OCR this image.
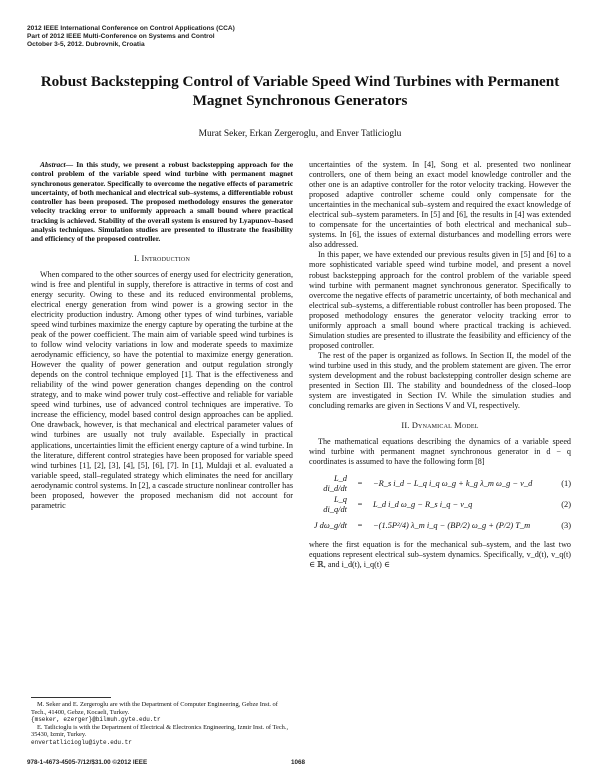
2012 IEEE International Conference on Control Applications (CCA)
Part of 2012 IEEE Multi-Conference on Systems and Control
October 3-5, 2012. Dubrovnik, Croatia
Robust Backstepping Control of Variable Speed Wind Turbines with Permanent Magnet Synchronous Generators
Murat Seker, Erkan Zergeroglu, and Enver Tatlicioglu

Abstract— In this study, we present a robust backstepping approach for the control problem of the variable speed wind turbine with permanent magnet synchronous generator. Specifically to overcome the negative effects of parametric uncertainty, of both mechanical and electrical sub–systems, a differentiable robust controller has been proposed. The proposed methodology ensures the generator velocity tracking error to uniformly approach a small bound where practical tracking is achieved. Stability of the overall system is ensured by Lyapunov–based analysis techniques. Simulation studies are presented to illustrate the feasibility and efficiency of the proposed controller.

I. Introduction

When compared to the other sources of energy used for electricity generation, wind is free and plentiful in supply, therefore is attractive in terms of cost and energy security. Owing to these and its reduced environmental problems, electrical energy generation from wind power is a growing sector in the electricity production industry. Among other types of wind turbines, variable speed wind turbines maximize the energy capture by operating the turbine at the peak of the power coefficient. The main aim of variable speed wind turbines is to follow wind velocity variations in low and moderate speeds to maximize aerodynamic efficiency, so have the potential to maximize energy generation. However the quality of power generation and output regulation strongly depends on the control technique employed [1]. That is the effectiveness and reliability of the wind power generation changes depending on the control strategy, and to make wind power truly cost–effective and reliable for variable speed wind turbines, use of advanced control techniques are imperative. To increase the efficiency, model based control design approaches can be applied. One drawback, however, is that mechanical and electrical parameter values of wind turbines are usually not truly available. Especially in practical applications, uncertainties limit the efficient energy capture of a wind turbine. In the literature, different control strategies have been proposed for variable speed wind turbines [1], [2], [3], [4], [5], [6], [7]. In [1], Muldaji et al. evaluated a variable speed, stall–regulated strategy which eliminates the need for ancillary aerodynamic control systems. In [2], a cascade structure nonlinear controller has been proposed, however the proposed mechanism did not account for parametric

uncertainties of the system. In [4], Song et al. presented two nonlinear controllers, one of them being an exact model knowledge controller and the other one is an adaptive controller for the rotor velocity tracking. However the proposed adaptive controller scheme could only compensate for the uncertainties in the mechanical sub–system and required the exact knowledge of electrical sub–system parameters. In [5] and [6], the results in [4] was extended to compensate for the uncertainties of both electrical and mechanical sub–systems. In [6], the issues of external disturbances and modelling errors were also addressed.

In this paper, we have extended our previous results given in [5] and [6] to a more sophisticated variable speed wind turbine model, and present a novel robust backstepping approach for the control problem of the variable speed wind turbine with permanent magnet synchronous generator. Specifically to overcome the negative effects of parametric uncertainty, of both mechanical and electrical sub–systems, a differentiable robust controller has been proposed. The proposed methodology ensures the generator velocity tracking error to uniformly approach a small bound where practical tracking is achieved. Simulation studies are presented to illustrate the feasibility and efficiency of the proposed controller.

The rest of the paper is organized as follows. In Section II, the model of the wind turbine used in this study, and the problem statement are given. The error system development and the robust backstepping controller design scheme are presented in Section III. The stability and boundedness of the closed–loop system are investigated in Section IV. While the simulation studies and concluding remarks are given in Sections V and VI, respectively.

II. Dynamical Model

The mathematical equations describing the dynamics of a variable speed wind turbine with permanent magnet synchronous generator in d − q coordinates is assumed to have the following form [8]

L_d di_d/dt
=	−R_s i_d − L_q i_q ω_g + k_g λ_m ω_g − v_d	(1)
L_q di_q/dt
=	L_d i_d ω_g − R_s i_q − v_q	(2)
J dω_g/dt	=	−(1.5P²/4) λ_m i_q − (BP/2) ω_g + (P/2) T_m	(3)

where the first equation is for the mechanical sub–system, and the last two equations represent electrical sub–system dynamics. Specifically, v_d(t), v_q(t) ∈ ℝ, and i_d(t), i_q(t) ∈

M. Seker and E. Zergeroglu are with the Department of Computer Engineering, Gebze Inst. of Tech., 41400, Gebze, Kocaeli, Turkey.

{mseker, ezerger}@bilmuh.gyte.edu.tr

E. Tatlicioglu is with the Department of Electrical & Electronics Engineering, Izmir Inst. of Tech., 35430, Izmir, Turkey.

envertatlicioglu@iyte.edu.tr
978-1-4673-4505-7/12/$31.00 ©2012 IEEE	1068
